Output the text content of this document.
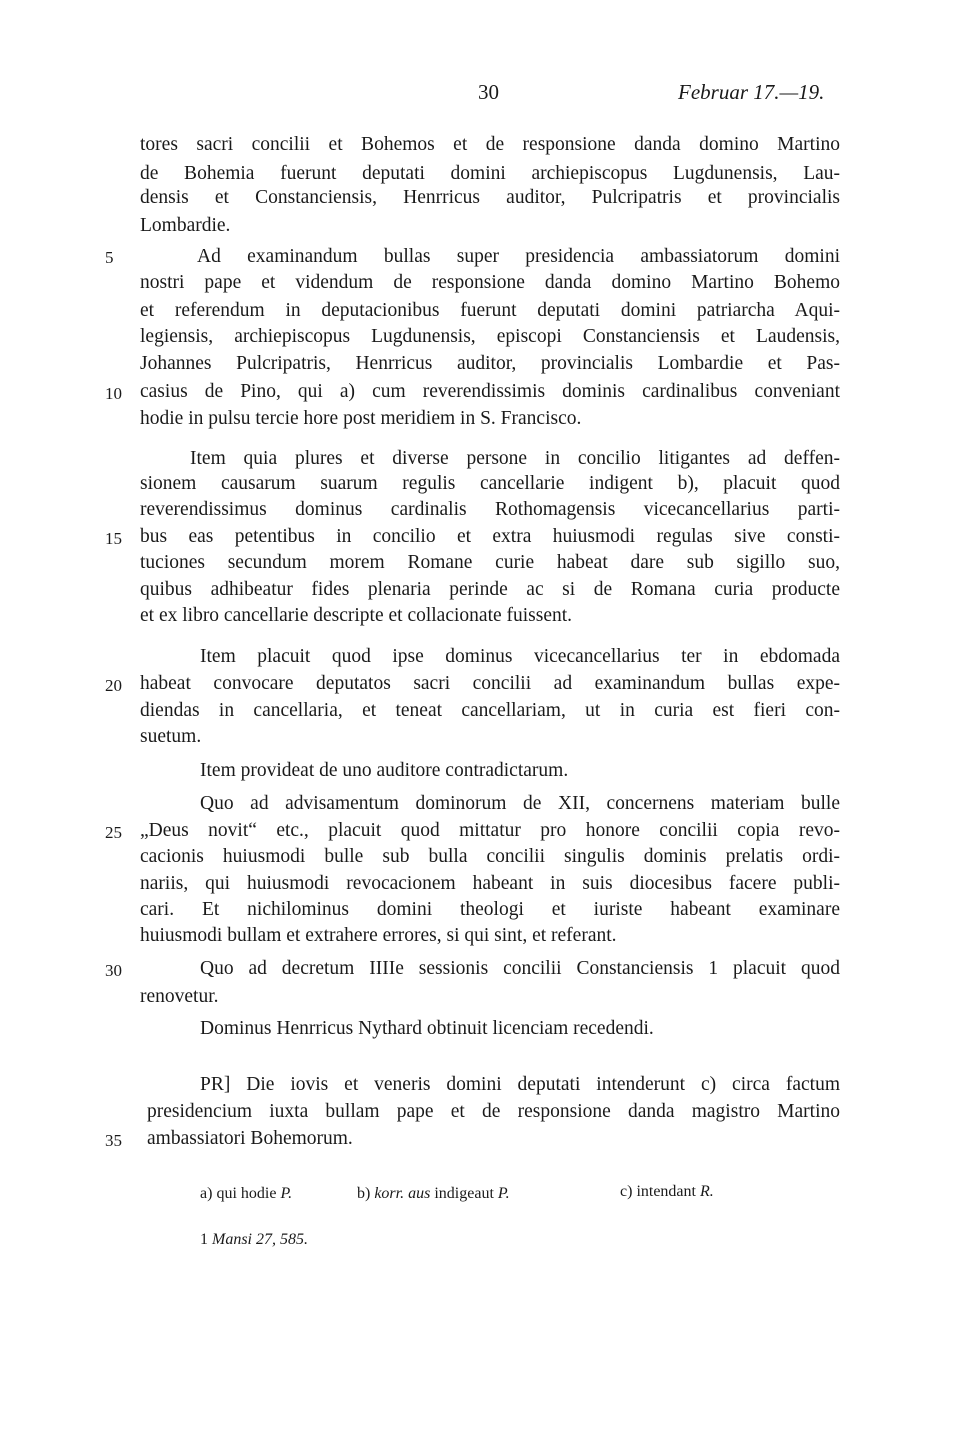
30	Februar 17.—19.
tores sacri concilii et Bohemos et de responsione danda domino Martino
de Bohemia fuerunt deputati domini archiepiscopus Lugdunensis, Lau-
densis et Constanciensis, Henrricus auditor, Pulcripatris et provincialis
Lombardie.
Ad examinandum bullas super presidencia ambassiatorum domini
nostri pape et videndum de responsione danda domino Martino Bohemo
et referendum in deputacionibus fuerunt deputati domini patriarcha Aqui-
legiensis, archiepiscopus Lugdunensis, episcopi Constanciensis et Laudensis,
Johannes Pulcripatris, Henrricus auditor, provincialis Lombardie et Pas-
casius de Pino, qui a) cum reverendissimis dominis cardinalibus conveniant
hodie in pulsu tercie hore post meridiem in S. Francisco.
Item quia plures et diverse persone in concilio litigantes ad deffen-
sionem causarum suarum regulis cancellarie indigent b), placuit quod
reverendissimus dominus cardinalis Rothomagensis vicecancellarius parti-
bus eas petentibus in concilio et extra huiusmodi regulas sive consti-
tuciones secundum morem Romane curie habeat dare sub sigillo suo,
quibus adhibeatur fides plenaria perinde ac si de Romana curia producte
et ex libro cancellarie descripte et collacionate fuissent.
Item placuit quod ipse dominus vicecancellarius ter in ebdomada
habeat convocare deputatos sacri concilii ad examinandum bullas expe-
diendas in cancellaria, et teneat cancellariam, ut in curia est fieri con-
suetum.
Item provideat de uno auditore contradictarum.
Quo ad advisamentum dominorum de XII, concernens materiam bulle
„Deus novit“ etc., placuit quod mittatur pro honore concilii copia revo-
cacionis huiusmodi bulle sub bulla concilii singulis dominis prelatis ordi-
nariis, qui huiusmodi revocacionem habeant in suis diocesibus facere publi-
cari. Et nichilominus domini theologi et iuriste habeant examinare
huiusmodi bullam et extrahere errores, si qui sint, et referant.
Quo ad decretum IIIIe sessionis concilii Constanciensis 1 placuit quod
renovetur.
Dominus Henrricus Nythard obtinuit licenciam recedendi.
PR] Die iovis et veneris domini deputati intenderunt c) circa factum
presidencium iuxta bullam pape et de responsione danda magistro Martino
ambassiatori Bohemorum.
5
10
15
20
25
30
35
a) qui hodie P.	b) korr. aus indigeaut P.	c) intendant R.
1 Mansi 27, 585.
